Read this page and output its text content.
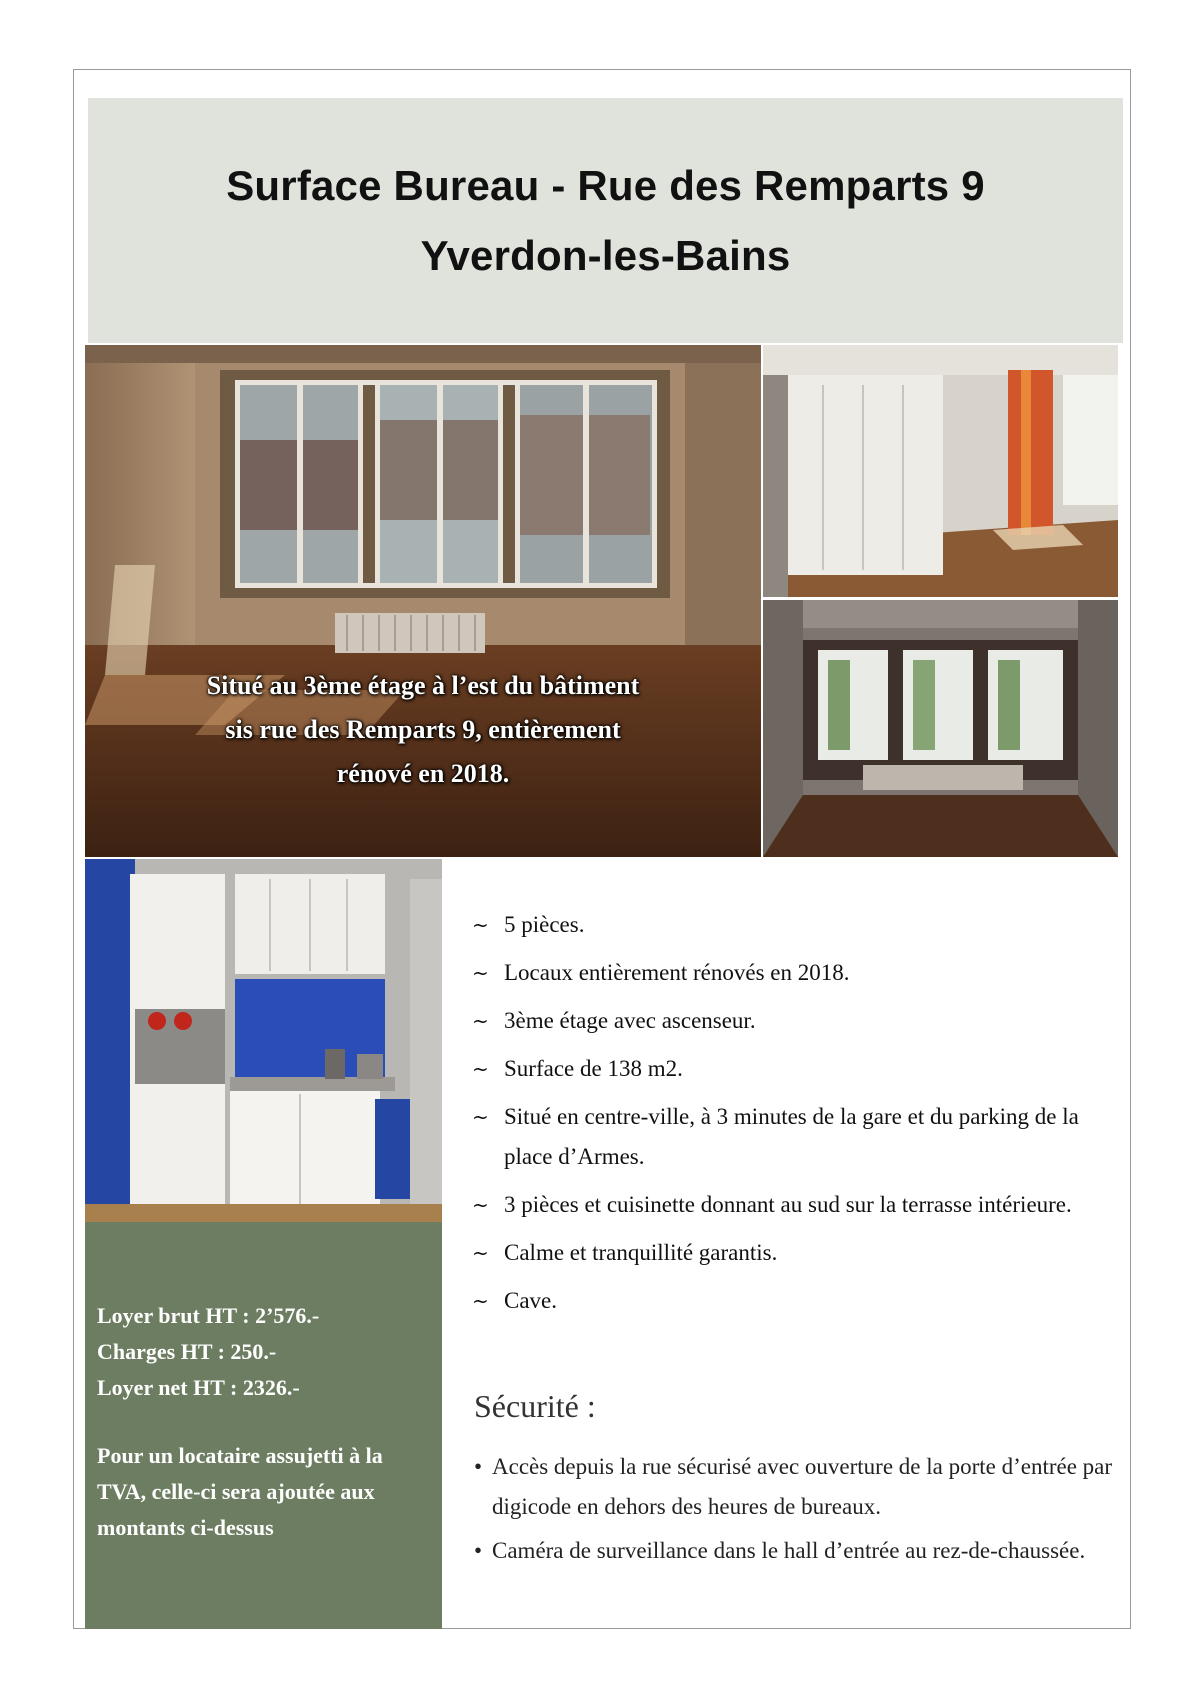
Surface Bureau - Rue des Remparts 9
Yverdon-les-Bains
Situé au 3ème étage à l’est du bâtiment
sis rue des Remparts 9, entièrement
rénové en 2018.
Loyer brut HT : 2’576.-
Charges HT : 250.-
Loyer net HT : 2326.-
Pour un locataire assujetti à la TVA, celle-ci sera ajoutée aux montants ci-dessus
~ 5 pièces.
~ Locaux entièrement rénovés en 2018.
~ 3ème étage avec ascenseur.
~ Surface de 138 m2.
~ Situé en centre-ville, à 3 minutes de la gare et du parking de la place d’Armes.
~ 3 pièces et cuisinette donnant au sud sur la terrasse intérieure.
~ Calme et tranquillité garantis.
~ Cave.
Sécurité :
• Accès depuis la rue sécurisé avec ouverture de la porte d’entrée par digicode en dehors des heures de bureaux.
• Caméra de surveillance dans le hall d’entrée au rez-de-chaussée.
